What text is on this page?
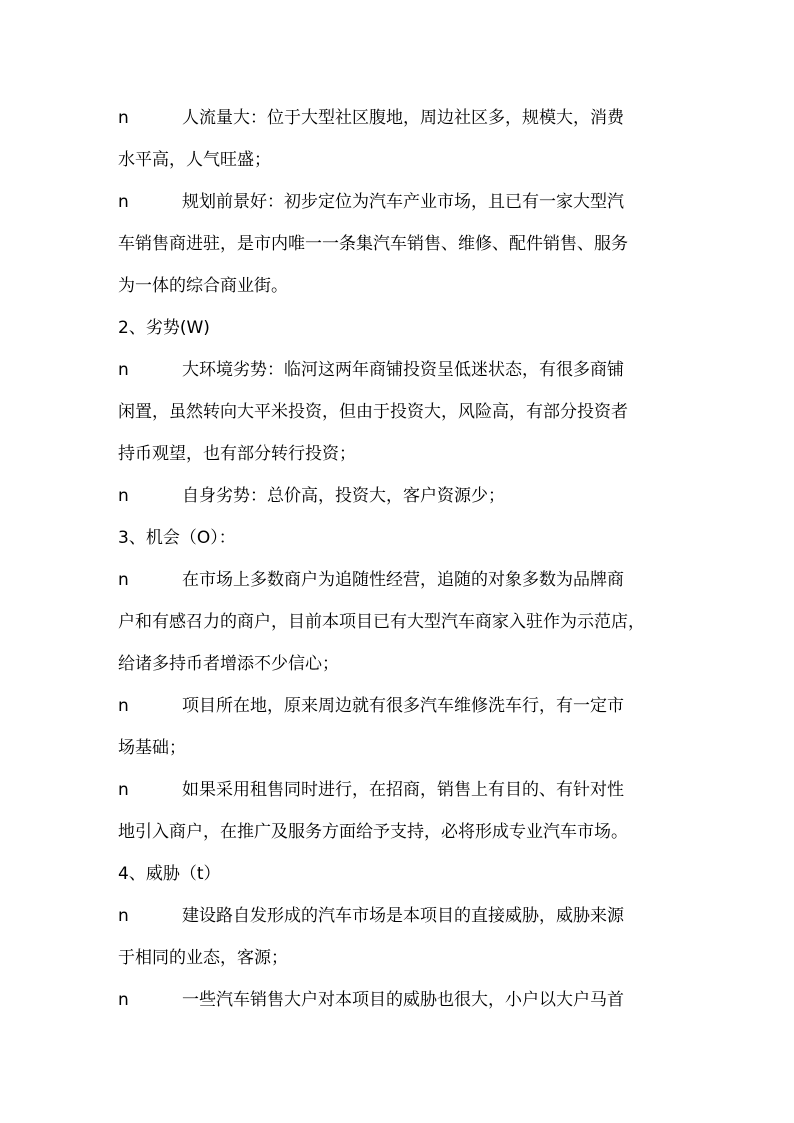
n	人流量大：位于大型社区腹地，周边社区多，规模大，消费
水平高，人气旺盛；
n	规划前景好：初步定位为汽车产业市场，且已有一家大型汽
车销售商进驻，是市内唯一一条集汽车销售、维修、配件销售、服务
为一体的综合商业街。
2、劣势(W)
n	大环境劣势：临河这两年商铺投资呈低迷状态，有很多商铺
闲置，虽然转向大平米投资，但由于投资大，风险高，有部分投资者
持币观望，也有部分转行投资；
n	自身劣势：总价高，投资大，客户资源少；
3、机会（O）：
n	在市场上多数商户为追随性经营，追随的对象多数为品牌商
户和有感召力的商户，目前本项目已有大型汽车商家入驻作为示范店，
给诸多持币者增添不少信心；
n	项目所在地，原来周边就有很多汽车维修洗车行，有一定市
场基础；
n	如果采用租售同时进行，在招商，销售上有目的、有针对性
地引入商户，在推广及服务方面给予支持，必将形成专业汽车市场。
4、威胁（t）
n	建设路自发形成的汽车市场是本项目的直接威胁，威胁来源
于相同的业态，客源；
n	一些汽车销售大户对本项目的威胁也很大，小户以大户马首
